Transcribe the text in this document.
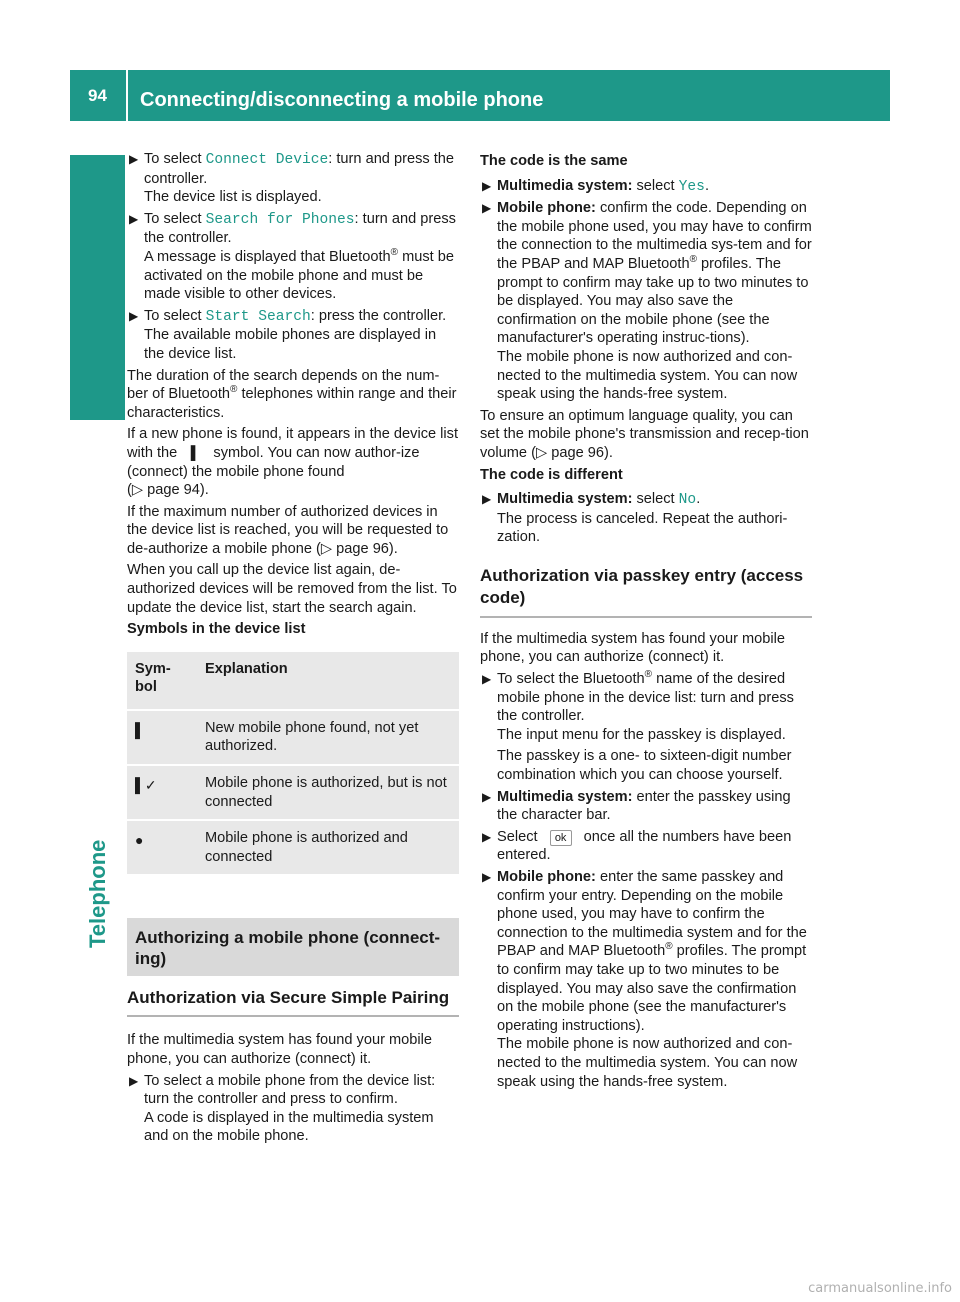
94	Connecting/disconnecting a mobile phone
Telephone
▶ To select Connect Device: turn and press the controller.
The device list is displayed.
▶ To select Search for Phones: turn and press the controller.
A message is displayed that Bluetooth® must be activated on the mobile phone and must be made visible to other devices.
▶ To select Start Search: press the controller.
The available mobile phones are displayed in the device list.

The duration of the search depends on the num-ber of Bluetooth® telephones within range and their characteristics.

If a new phone is found, it appears in the device list with the ▌ symbol. You can now author-ize (connect) the mobile phone found
(▷ page 94).

If the maximum number of authorized devices in the device list is reached, you will be requested to de-authorize a mobile phone (▷ page 96).

When you call up the device list again, de-authorized devices will be removed from the list. To update the device list, start the search again.

Symbols in the device list
Sym-bol	Explanation
▌	New mobile phone found, not yet authorized.
▌✓	Mobile phone is authorized, but is not connected
●	Mobile phone is authorized and connected
Authorizing a mobile phone (connect-ing)
Authorization via Secure Simple Pairing

If the multimedia system has found your mobile phone, you can authorize (connect) it.

▶ To select a mobile phone from the device list: turn the controller and press to confirm.
A code is displayed in the multimedia system and on the mobile phone.
The code is the same
▶ Multimedia system: select Yes.
▶ Mobile phone: confirm the code. Depending on the mobile phone used, you may have to confirm the connection to the multimedia sys-tem and for the PBAP and MAP Bluetooth® profiles. The prompt to confirm may take up to two minutes to be displayed. You may also save the confirmation on the mobile phone (see the manufacturer's operating instruc-tions).
The mobile phone is now authorized and con-nected to the multimedia system. You can now speak using the hands-free system.

To ensure an optimum language quality, you can set the mobile phone's transmission and recep-tion volume (▷ page 96).

The code is different
▶ Multimedia system: select No.
The process is canceled. Repeat the authori-zation.
Authorization via passkey entry (access code)

If the multimedia system has found your mobile phone, you can authorize (connect) it.

▶ To select the Bluetooth® name of the desired mobile phone in the device list: turn and press the controller.
The input menu for the passkey is displayed.

The passkey is a one- to sixteen-digit number combination which you can choose yourself.
▶ Multimedia system: enter the passkey using the character bar.
▶ Select ok once all the numbers have been entered.
▶ Mobile phone: enter the same passkey and confirm your entry. Depending on the mobile phone used, you may have to confirm the connection to the multimedia system and for the PBAP and MAP Bluetooth® profiles. The prompt to confirm may take up to two minutes to be displayed. You may also save the confirmation on the mobile phone (see the manufacturer's operating instructions).
The mobile phone is now authorized and con-nected to the multimedia system. You can now speak using the hands-free system.
carmanualsonline.info
